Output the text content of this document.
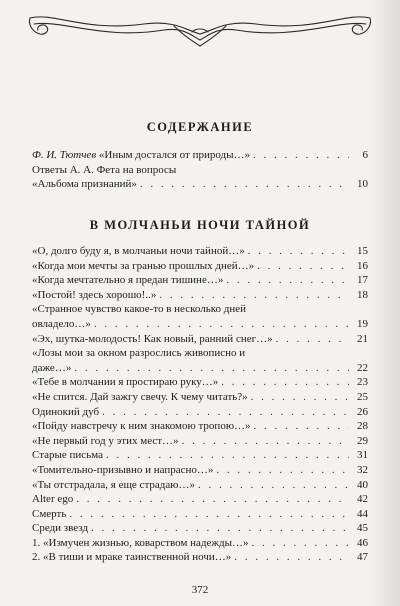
СОДЕРЖАНИЕ
Ф. И. Тютчев «Иным достался от природы…» . . .	6
Ответы А. А. Фета на вопросы
«Альбома признаний» . . .	10
В МОЛЧАНЬИ НОЧИ ТАЙНОЙ
«О, долго буду я, в молчаньи ночи тайной…» . . .	15
«Когда мои мечты за гранью прошлых дней…» . . .	16
«Когда мечтательно я предан тишине…» . . .	17
«Постой! здесь хорошо!..» . . .	18
«Странное чувство какое-то в несколько дней
овладело…» . . .	19
«Эх, шутка-молодость! Как новый, ранний снег…» . . .	21
«Лозы мои за окном разрослись живописно и
даже…» . . .	22
«Тебе в молчании я простираю руку…» . . .	23
«Не спится. Дай зажгу свечу. К чему читать?» . . .	25
Одинокий дуб . . .	26
«Пойду навстречу к ним знакомою тропою…» . . .	28
«Не первый год у этих мест…» . . .	29
Старые письма . . .	31
«Томительно-призывно и напрасно…» . . .	32
«Ты отстрадала, я еще страдаю…» . . .	40
Alter ego . . .	42
Смерть . . .	44
Среди звезд . . .	45
1. «Измучен жизнью, коварством надежды…» . . .	46
2. «В тиши и мраке таинственной ночи…» . . .	47
372
